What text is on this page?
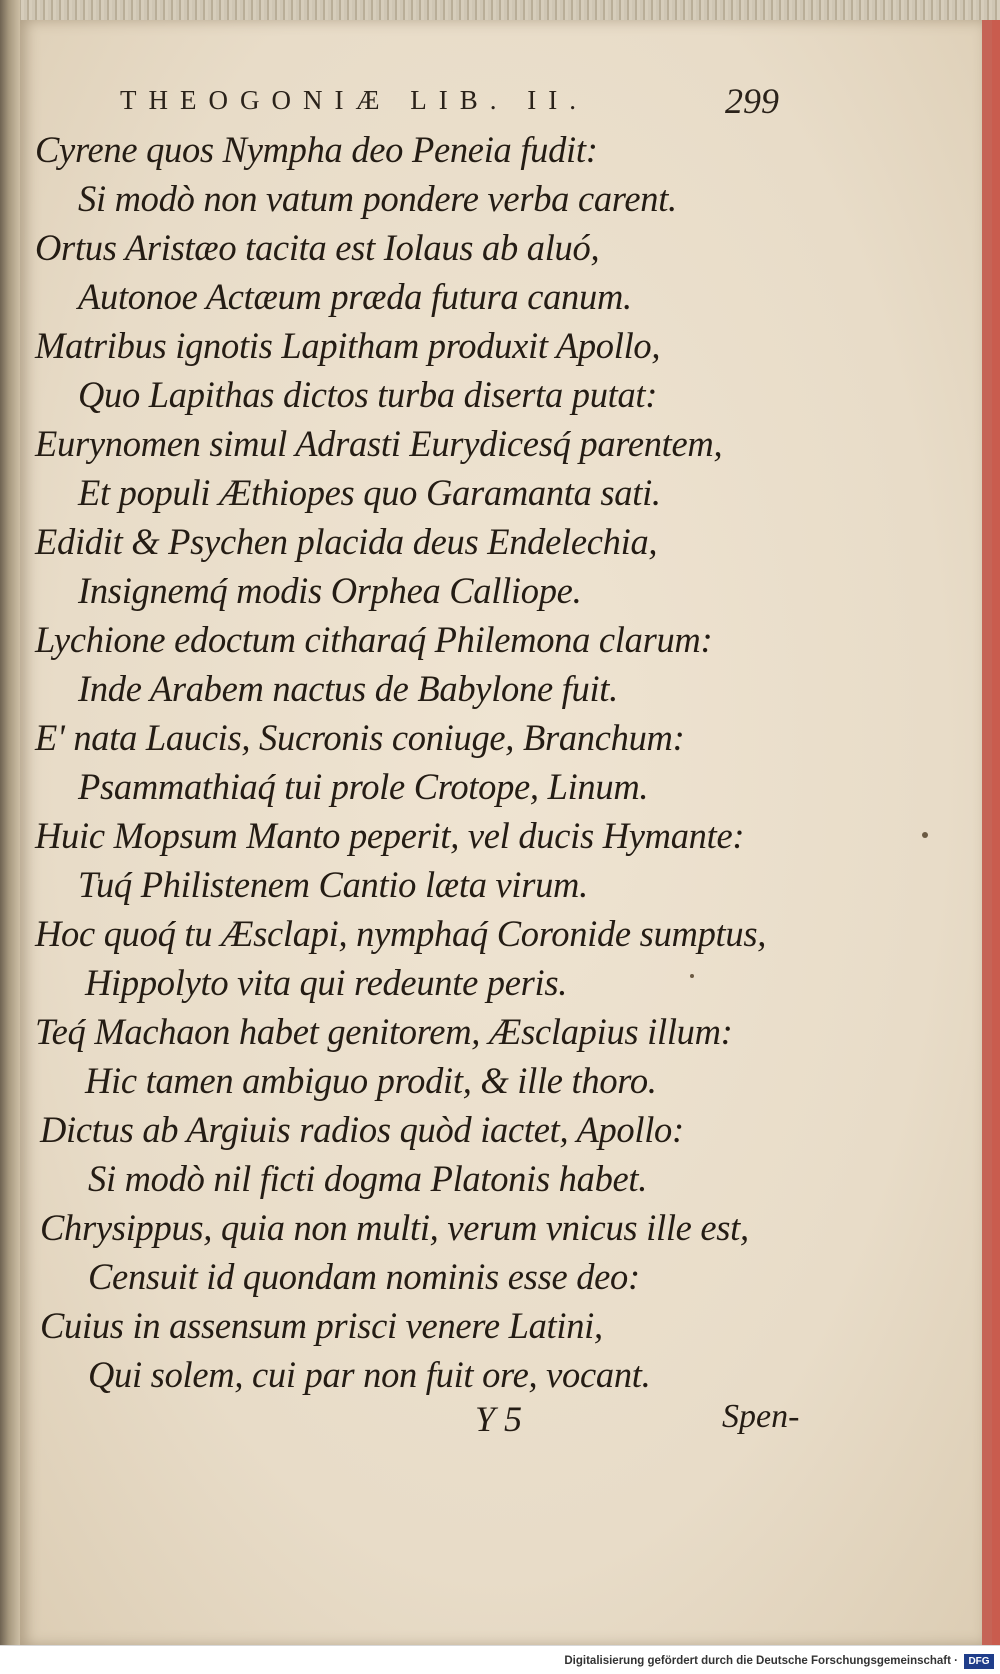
THEOGONIÆ LIB. II.	299
Cyrene quos Nympha deo Peneia fudit:
Si modò non vatum pondere verba carent.
Ortus Aristæo tacita est Iolaus ab aluó,
Autonoe Actæum præda futura canum.
Matribus ignotis Lapitham produxit Apollo,
Quo Lapithas dictos turba diserta putat:
Eurynomen simul Adrasti Eurydicesq́ parentem,
Et populi Æthiopes quo Garamanta sati.
Edidit & Psychen placida deus Endelechia,
Insignemq́ modis Orphea Calliope.
Lychione edoctum citharaq́ Philemona clarum:
Inde Arabem nactus de Babylone fuit.
E' nata Laucis, Sucronis coniuge, Branchum:
Psammathiaq́ tui prole Crotope, Linum.
Huic Mopsum Manto peperit, vel ducis Hymante:
Tuq́ Philistenem Cantio læta virum.
Hoc quoq́ tu Æsclapi, nymphaq́ Coronide sumptus,
Hippolyto vita qui redeunte peris.
Teq́ Machaon habet genitorem, Æsclapius illum:
Hic tamen ambiguo prodit, & ille thoro.
Dictus ab Argiuis radios quòd iactet, Apollo:
Si modò nil ficti dogma Platonis habet.
Chrysippus, quia non multi, verum vnicus ille est,
Censuit id quondam nominis esse deo:
Cuius in assensum prisci venere Latini,
Qui solem, cui par non fuit ore, vocant.
Y 5	Spen-
Digitalisierung gefördert durch die Deutsche Forschungsgemeinschaft ·	DFG
